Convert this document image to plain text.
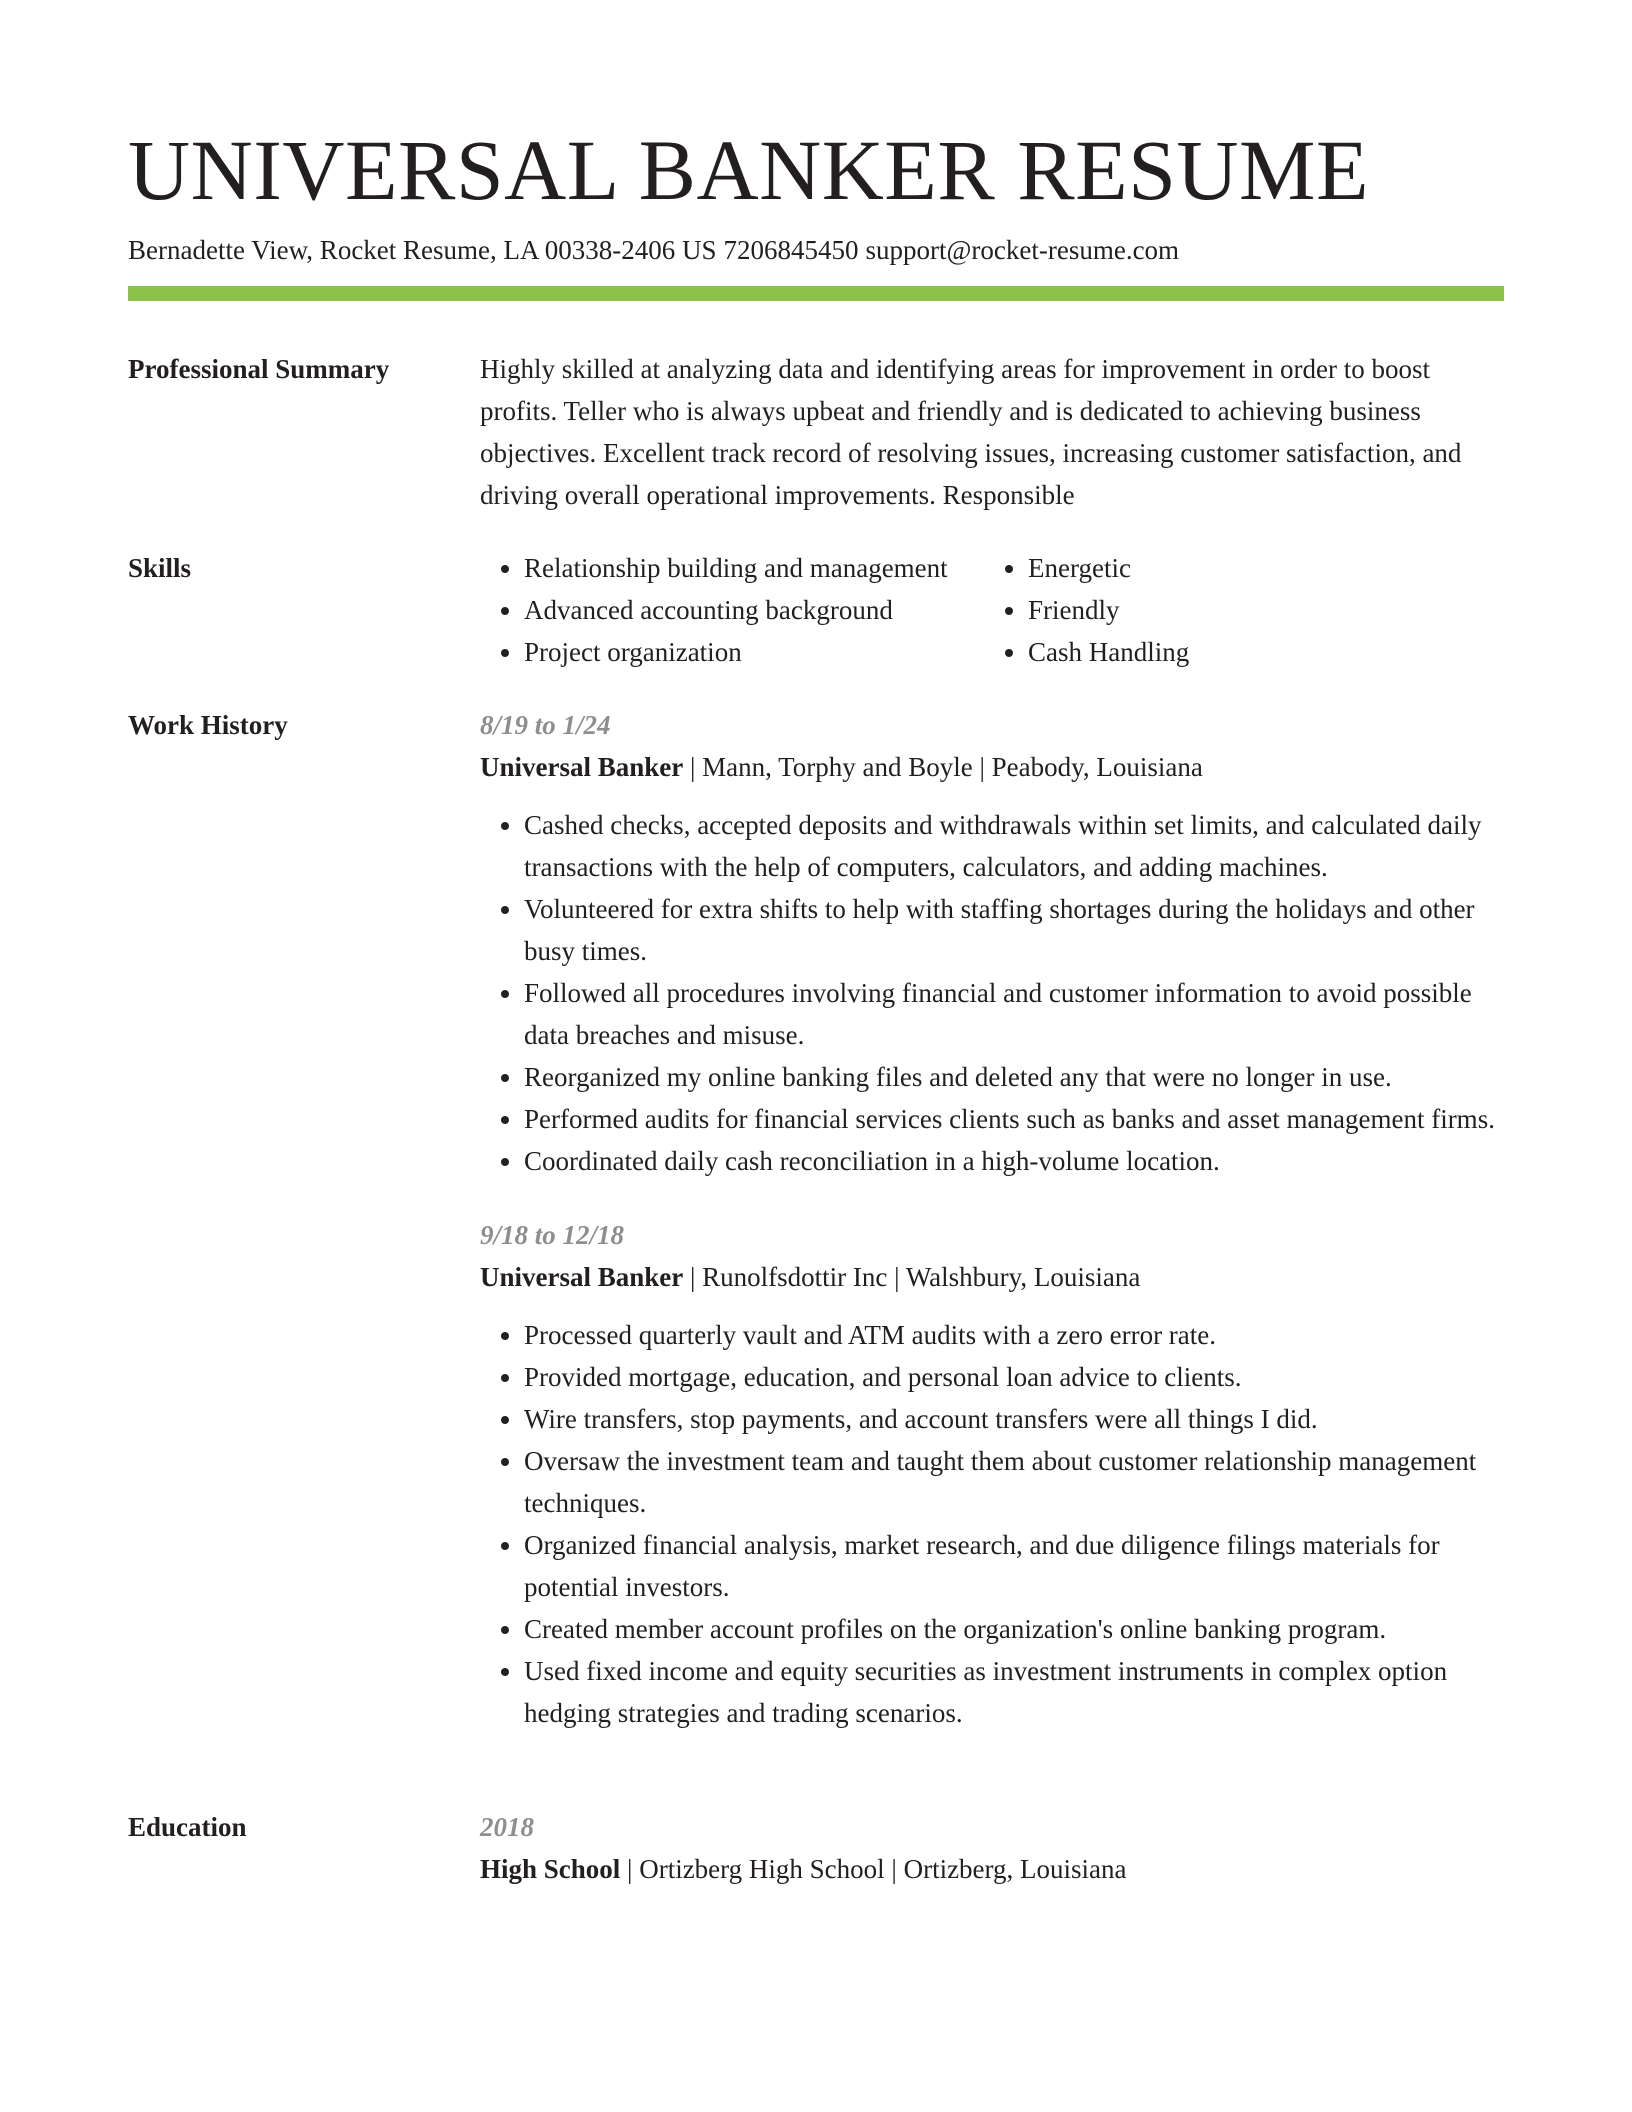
UNIVERSAL BANKER RESUME
Bernadette View, Rocket Resume, LA 00338-2406 US 7206845450 support@rocket-resume.com
Professional Summary	Highly skilled at analyzing data and identifying areas for improvement in order to boost profits. Teller who is always upbeat and friendly and is dedicated to achieving business objectives. Excellent track record of resolving issues, increasing customer satisfaction, and driving overall operational improvements. Responsible

Skills
•	Relationship building and management
• Advanced accounting background
• Project organization
• Energetic
• Friendly
• Cash Handling
Work History	8/19 to 1/24
Universal Banker | Mann, Torphy and Boyle | Peabody, Louisiana
• Cashed checks, accepted deposits and withdrawals within set limits, and calculated daily transactions with the help of computers, calculators, and adding machines.
• Volunteered for extra shifts to help with staffing shortages during the holidays and other busy times.
• Followed all procedures involving financial and customer information to avoid possible data breaches and misuse.
• Reorganized my online banking files and deleted any that were no longer in use.
• Performed audits for financial services clients such as banks and asset management firms.
• Coordinated daily cash reconciliation in a high-volume location.
9/18 to 12/18
Universal Banker | Runolfsdottir Inc | Walshbury, Louisiana
• Processed quarterly vault and ATM audits with a zero error rate.
• Provided mortgage, education, and personal loan advice to clients.
• Wire transfers, stop payments, and account transfers were all things I did.
• Oversaw the investment team and taught them about customer relationship management techniques.
• Organized financial analysis, market research, and due diligence filings materials for potential investors.
• Created member account profiles on the organization's online banking program.
• Used fixed income and equity securities as investment instruments in complex option hedging strategies and trading scenarios.
Education	2018
High School | Ortizberg High School | Ortizberg, Louisiana
